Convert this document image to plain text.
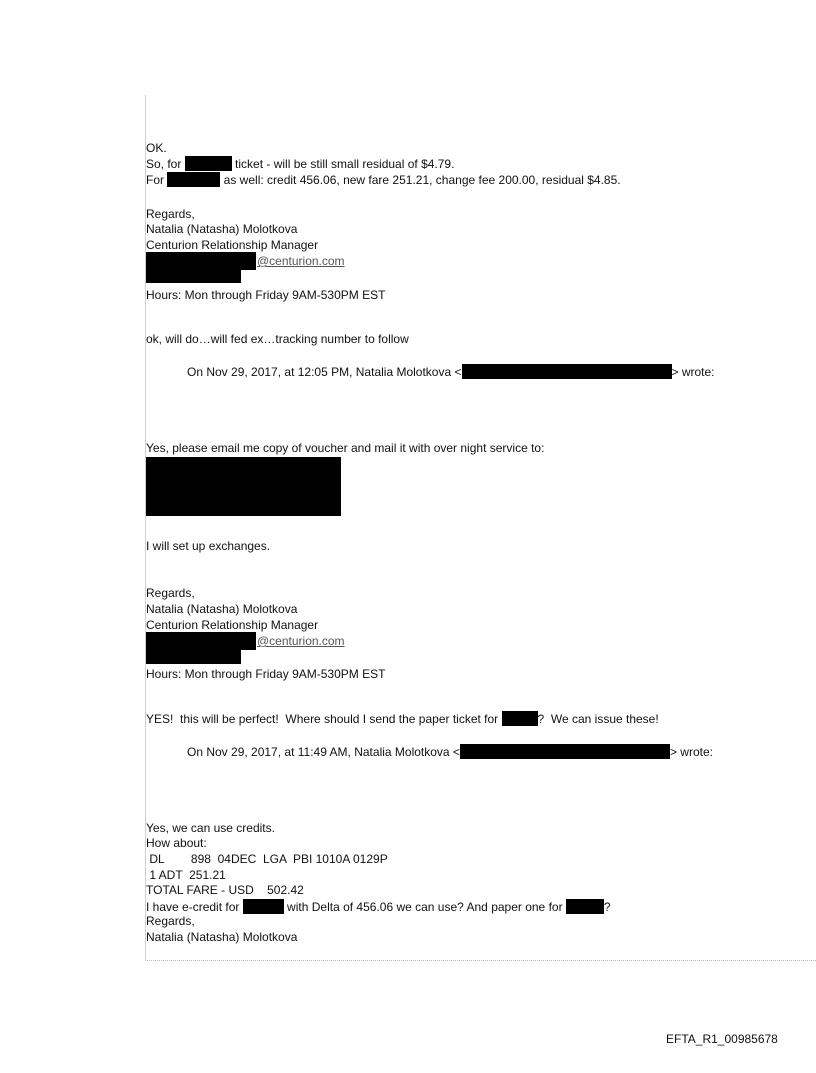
OK.
So, for	ticket - will be still small residual of $4.79.
For	as well: credit 456.06, new fare 251.21, change fee 200.00, residual $4.85.
Regards,
Natalia (Natasha) Molotkova
Centurion Relationship Manager
@centurion.com
Hours: Mon through Friday 9AM-530PM EST
ok, will do…will fed ex…tracking number to follow
On Nov 29, 2017, at 12:05 PM, Natalia Molotkova <	> wrote:
Yes, please email me copy of voucher and mail it with over night service to:
I will set up exchanges.
Regards,
Natalia (Natasha) Molotkova
Centurion Relationship Manager
@centurion.com
Hours: Mon through Friday 9AM-530PM EST
YES!  this will be perfect!  Where should I send the paper ticket for	?  We can issue these!
On Nov 29, 2017, at 11:49 AM, Natalia Molotkova <	> wrote:
Yes, we can use credits.
How about:
DL        898  04DEC  LGA  PBI 1010A 0129P
1 ADT  251.21
TOTAL FARE - USD    502.42
I have e-credit for	with Delta of 456.06 we can use? And paper one for	?
Regards,
Natalia (Natasha) Molotkova
EFTA_R1_00985678
